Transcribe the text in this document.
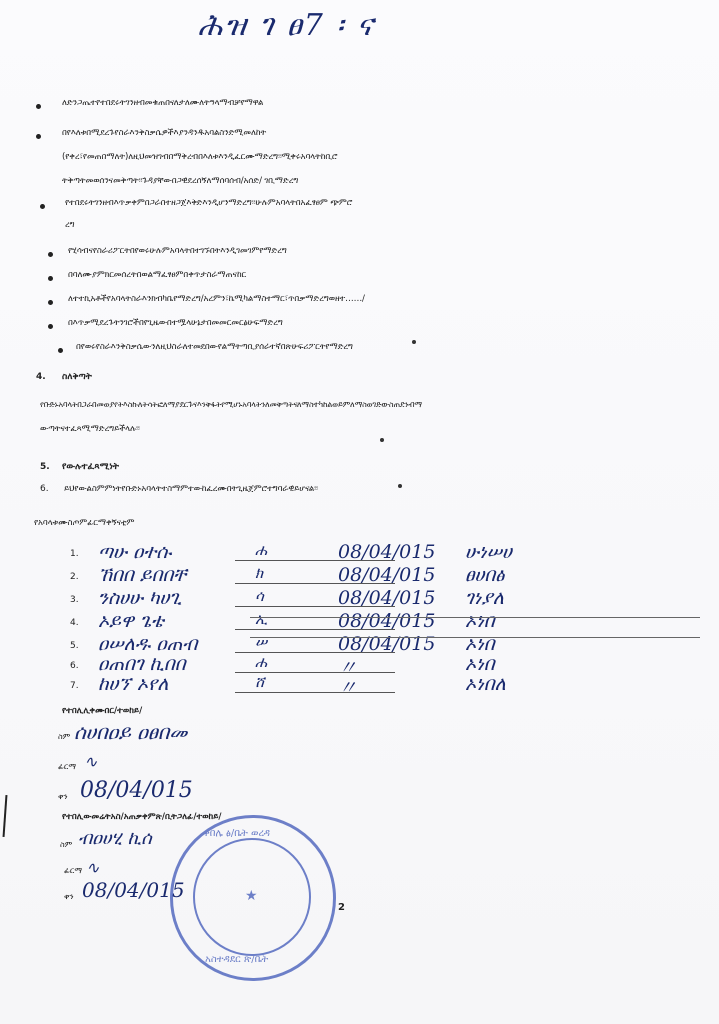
ሕዝ ገ ፀ7 ፡ ና
ለድንጋጤተየተበደሩትገንዘብመቁጠበናለታለሙለትዓላማብቻየማዋል
በየእለቱበሚደረጉየስራእንቅስቃሴዎችእያንዳንዱአባልስንድሚመለከት
(የቀረ፣የመጠበማለት)ለዚህመዝገብበማቅረብበእለቱእንዲፈርሙማድረግ፡፡ሚቀሩአባላትከቢሮ
ትቅጣትመወሰንናመቅጣት፡፡ጉዳያቸውበጋዊደረሰኝለማሰባሰብ/አሰድ/ ገቢማድረግ
የተበደሩትገንዘብእጥቃቀምበጋራበተዘጋጀእቅድእንዲሆንማድረግ፡፡ሁሉምአባላትበአፈፃፀም ጭምሮ
ረግ
የሂሳብናየስራሪፖርትበየወሩሁሉምአባላትበተገኙበትእንዲገመገምየማድረግ
በባለሙያምክርመሰረትበወልማፈፃፀምበቀጥታስራማጠናከር
ለተተኪአቶችየአባላትስራእንክብካቤየማድረግ/አረምን፣ኬሚካልማስተማር፣ጥበቃማድረግወዘተ……/
በእጥቃሚደረጉትንገሮችበየጊዜውበተሟላሁኔታበመመርመርፅሁፍማድረግ
በየወሩየስራእንቅስቃሴውንለዚህስራለተመደበውየልማትጣቢያሰራተኛበጽሁፍሪፖርትየማድረግ
4. ስለቅጣት
የቡድኑአባላትበጋራበመወያየትእስኩለትሳትፎለማያደርጉናእንቅፋትየሚሆኑአባላትንለመቅጣትናለማስተካከልወይምለማስወገድውስጠደንብማ
ውጣትናተፈጻሚማድረግይችላሉ፡፡
5. የውሉተፈጻሚነት
6. ይህየውልስምምነትየቡድኑአባላትተስማምተውከፈረሙበትጊዜጀምሮተግባራዊይሆናል፡፡
የአባላቱሙስጦምፊርማቀኝናቲም
1. ጣሁ ዐተሱ	ሐ	08/04/015 ሁነሠሀ
2. ኸበበ ይበበቸ	ክ	08/04/015 ፀሀበፅ
3. ንስሀሁ ካሀጊ	ሳ	08/04/015 ገነያለ
4. ኦይዋ ጌቴ	ኢ	08/04/015 ኦነበ
5. ዐሠለዱ ዐጠብ	ሠ	08/04/015 ኦነበ
6. ዐጠበገ ኪበበ	ሐ	〃	ኦነበ
7. ከሀኘ ኦየለ	ሸ	〃	ኦነበለ
የተበሊሊቀሙበር/ተወከይ/
ስም ሰሀበዐይ ዐፀበመ
ፊርማ ∿
ቀን 08/04/015
የተበሊውመሬትአስ/አጠቃቀምጽ/ቢትጋለፊ/ተወከይ/
ስም ብዐሀሂ ኪሰ
ፊርማ ∿
ቀን 08/04/015
ቀበሌ ፅ/ቤት ወረዳ
አስተዳደር ጽ/ቤት
★
2
